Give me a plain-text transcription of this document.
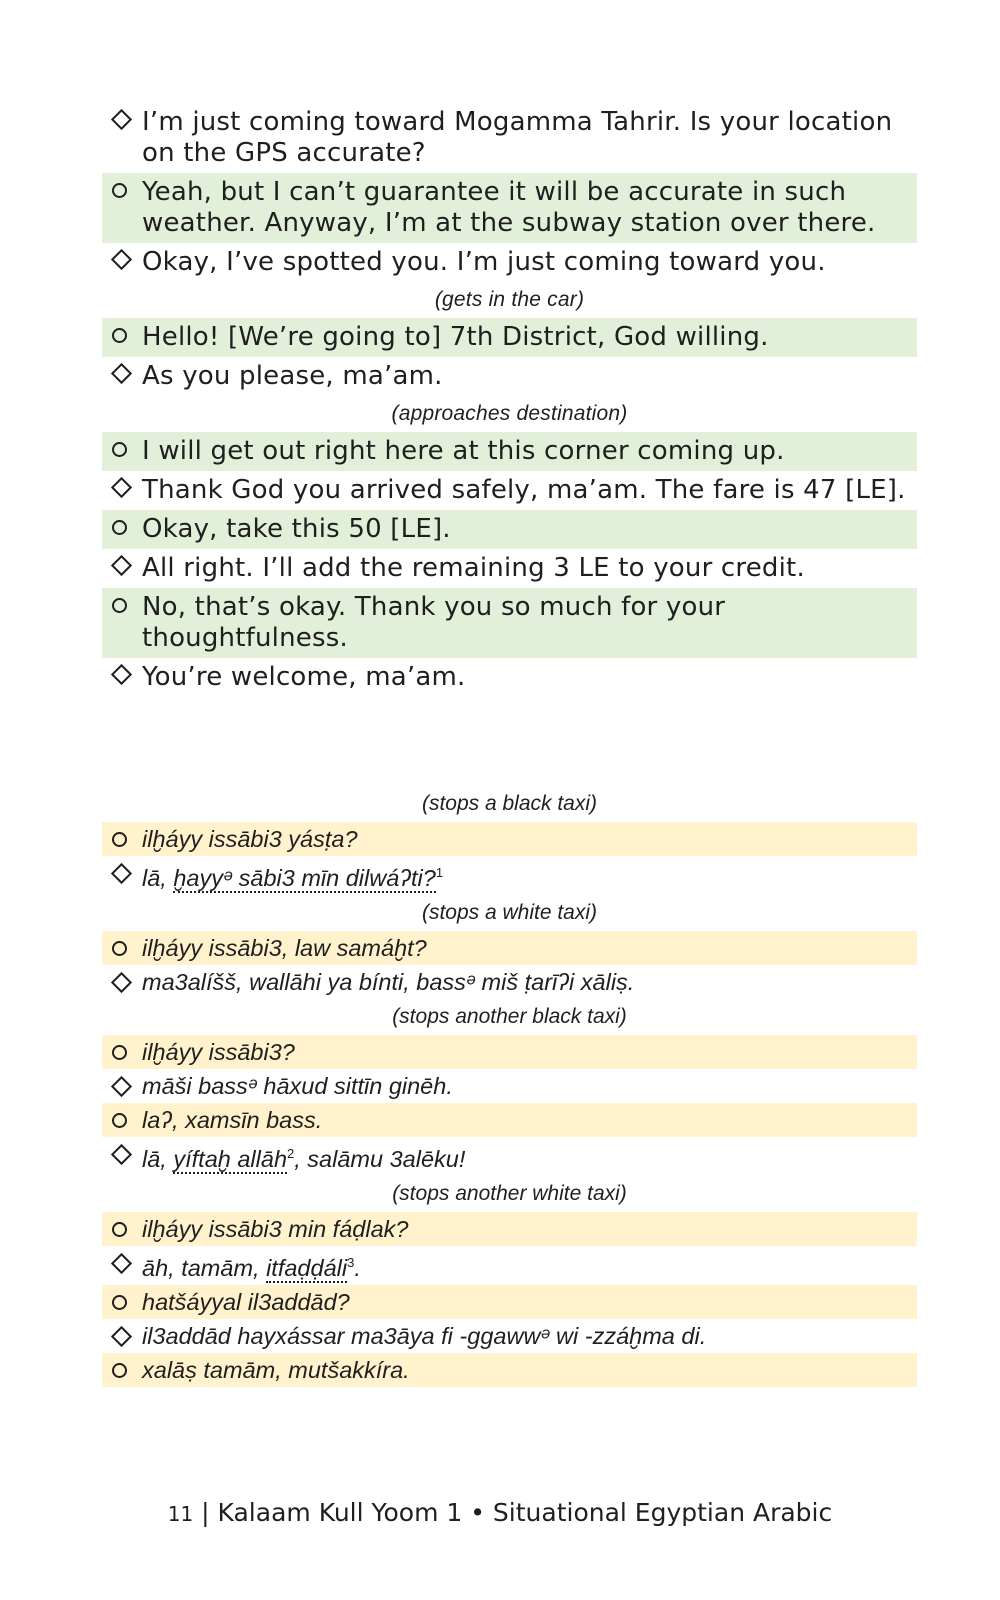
I’m just coming toward Mogamma Tahrir. Is your location on the GPS accurate?
Yeah, but I can’t guarantee it will be accurate in such weather. Anyway, I’m at the subway station over there.
Okay, I’ve spotted you. I’m just coming toward you.
(gets in the car)
Hello! [We’re going to] 7th District, God willing.
As you please, ma’am.
(approaches destination)
I will get out right here at this corner coming up.
Thank God you arrived safely, ma’am. The fare is 47 [LE].
Okay, take this 50 [LE].
All right. I’ll add the remaining 3 LE to your credit.
No, that’s okay. Thank you so much for your thoughtfulness.
You’re welcome, ma’am.
(stops a black taxi)
ilḫáyy issābi3 yásṭa?
lā, ḫayyᵊ sābi3 mīn dilwáʔti?$^1$
(stops a white taxi)
ilḫáyy issābi3, law samáḫt?
ma3alíšš, wallāhi ya bínti, bassᵊ miš ṭarīʔi xāliṣ.
(stops another black taxi)
ilḫáyy issābi3?
māši bassᵊ hāxud sittīn ginēh.
laʔ, xamsīn bass.
lā, yíftaḫ allāh$^2$, salāmu 3alēku!
(stops another white taxi)
ilḫáyy issābi3 min fáḍlak?
āh, tamām, itfaḍḍáli$^3$.
hatšáyyal il3addād?
il3addād hayxássar ma3āya fi -ggawwᵊ wi -zzáḫma di.
xalāṣ tamām, mutšakkíra.
11 | Kalaam Kull Yoom 1 • Situational Egyptian Arabic
